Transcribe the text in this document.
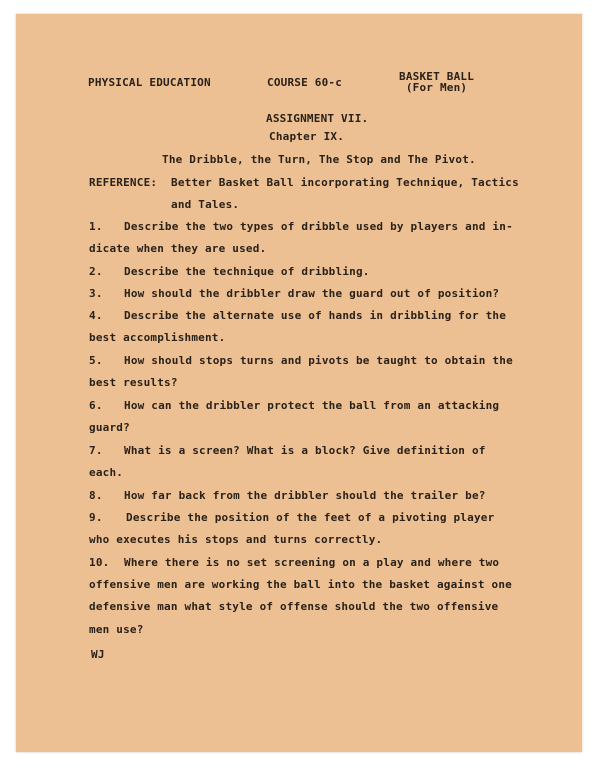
PHYSICAL EDUCATION	COURSE 60-c	BASKET BALL
(For Men)
ASSIGNMENT VII.
Chapter IX.
The Dribble, the Turn, The Stop and The Pivot.
REFERENCE: Better Basket Ball incorporating Technique, Tactics
and Tales.
1. Describe the two types of dribble used by players and in-
dicate when they are used.
2. Describe the technique of dribbling.
3. How should the dribbler draw the guard out of position?
4. Describe the alternate use of hands in dribbling for the
best accomplishment.
5. How should stops turns and pivots be taught to obtain the
best results?
6. How can the dribbler protect the ball from an attacking
guard?
7. What is a screen? What is a block? Give definition of
each.
8. How far back from the dribbler should the trailer be?
9. Describe the position of the feet of a pivoting player
who executes his stops and turns correctly.
10. Where there is no set screening on a play and where two
offensive men are working the ball into the basket against one
defensive man what style of offense should the two offensive
men use?
WJ
